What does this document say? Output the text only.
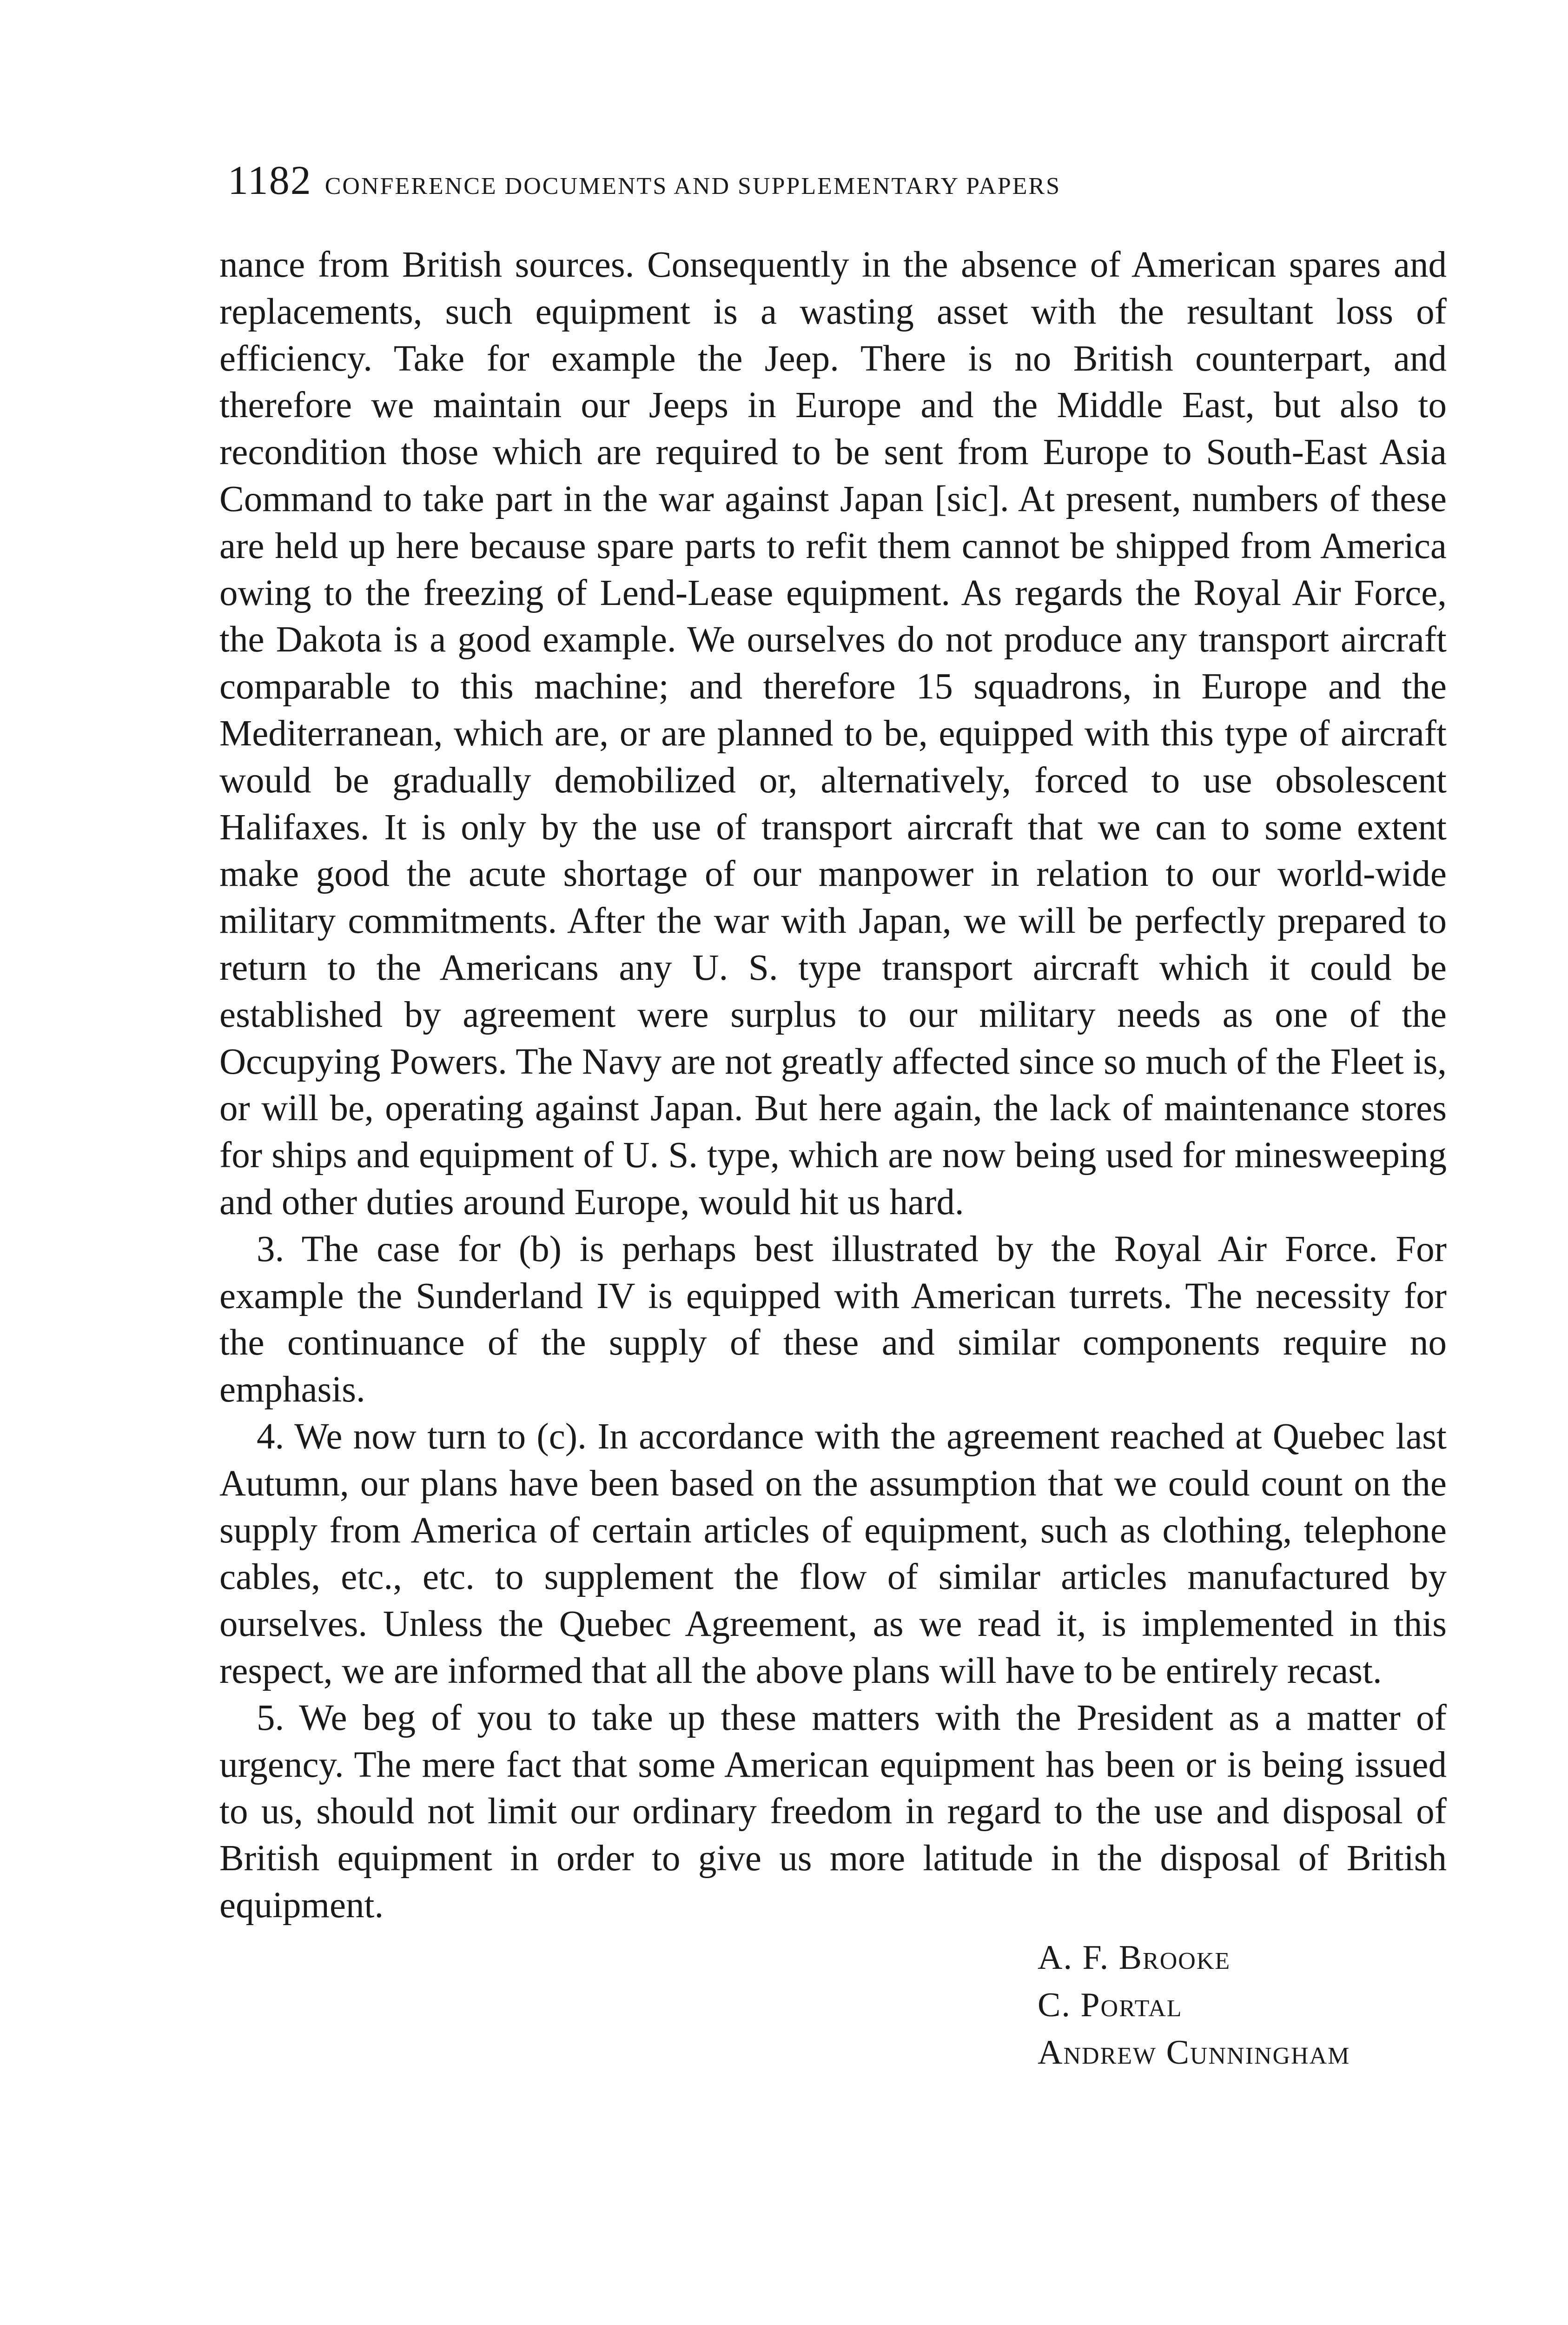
1182 CONFERENCE DOCUMENTS AND SUPPLEMENTARY PAPERS

nance from British sources. Consequently in the absence of American spares and replacements, such equipment is a wasting asset with the resultant loss of efficiency. Take for example the Jeep. There is no British counterpart, and therefore we maintain our Jeeps in Europe and the Middle East, but also to recondition those which are required to be sent from Europe to South-East Asia Command to take part in the war against Japan [sic]. At present, numbers of these are held up here because spare parts to refit them cannot be shipped from America owing to the freezing of Lend-Lease equipment. As regards the Royal Air Force, the Dakota is a good example. We ourselves do not produce any transport aircraft comparable to this machine; and therefore 15 squadrons, in Europe and the Mediterranean, which are, or are planned to be, equipped with this type of aircraft would be gradually demobilized or, alternatively, forced to use obsolescent Halifaxes. It is only by the use of transport aircraft that we can to some extent make good the acute shortage of our manpower in relation to our world-wide military commitments. After the war with Japan, we will be perfectly prepared to return to the Americans any U. S. type transport aircraft which it could be established by agreement were surplus to our military needs as one of the Occupying Powers. The Navy are not greatly affected since so much of the Fleet is, or will be, operating against Japan. But here again, the lack of maintenance stores for ships and equipment of U. S. type, which are now being used for minesweeping and other duties around Europe, would hit us hard.

3. The case for (b) is perhaps best illustrated by the Royal Air Force. For example the Sunderland IV is equipped with American turrets. The necessity for the continuance of the supply of these and similar components require no emphasis.

4. We now turn to (c). In accordance with the agreement reached at Quebec last Autumn, our plans have been based on the assumption that we could count on the supply from America of certain articles of equipment, such as clothing, telephone cables, etc., etc. to supplement the flow of similar articles manufactured by ourselves. Unless the Quebec Agreement, as we read it, is implemented in this respect, we are informed that all the above plans will have to be entirely recast.

5. We beg of you to take up these matters with the President as a matter of urgency. The mere fact that some American equipment has been or is being issued to us, should not limit our ordinary freedom in regard to the use and disposal of British equipment in order to give us more latitude in the disposal of British equipment.

A. F. Brooke
C. Portal
Andrew Cunningham
